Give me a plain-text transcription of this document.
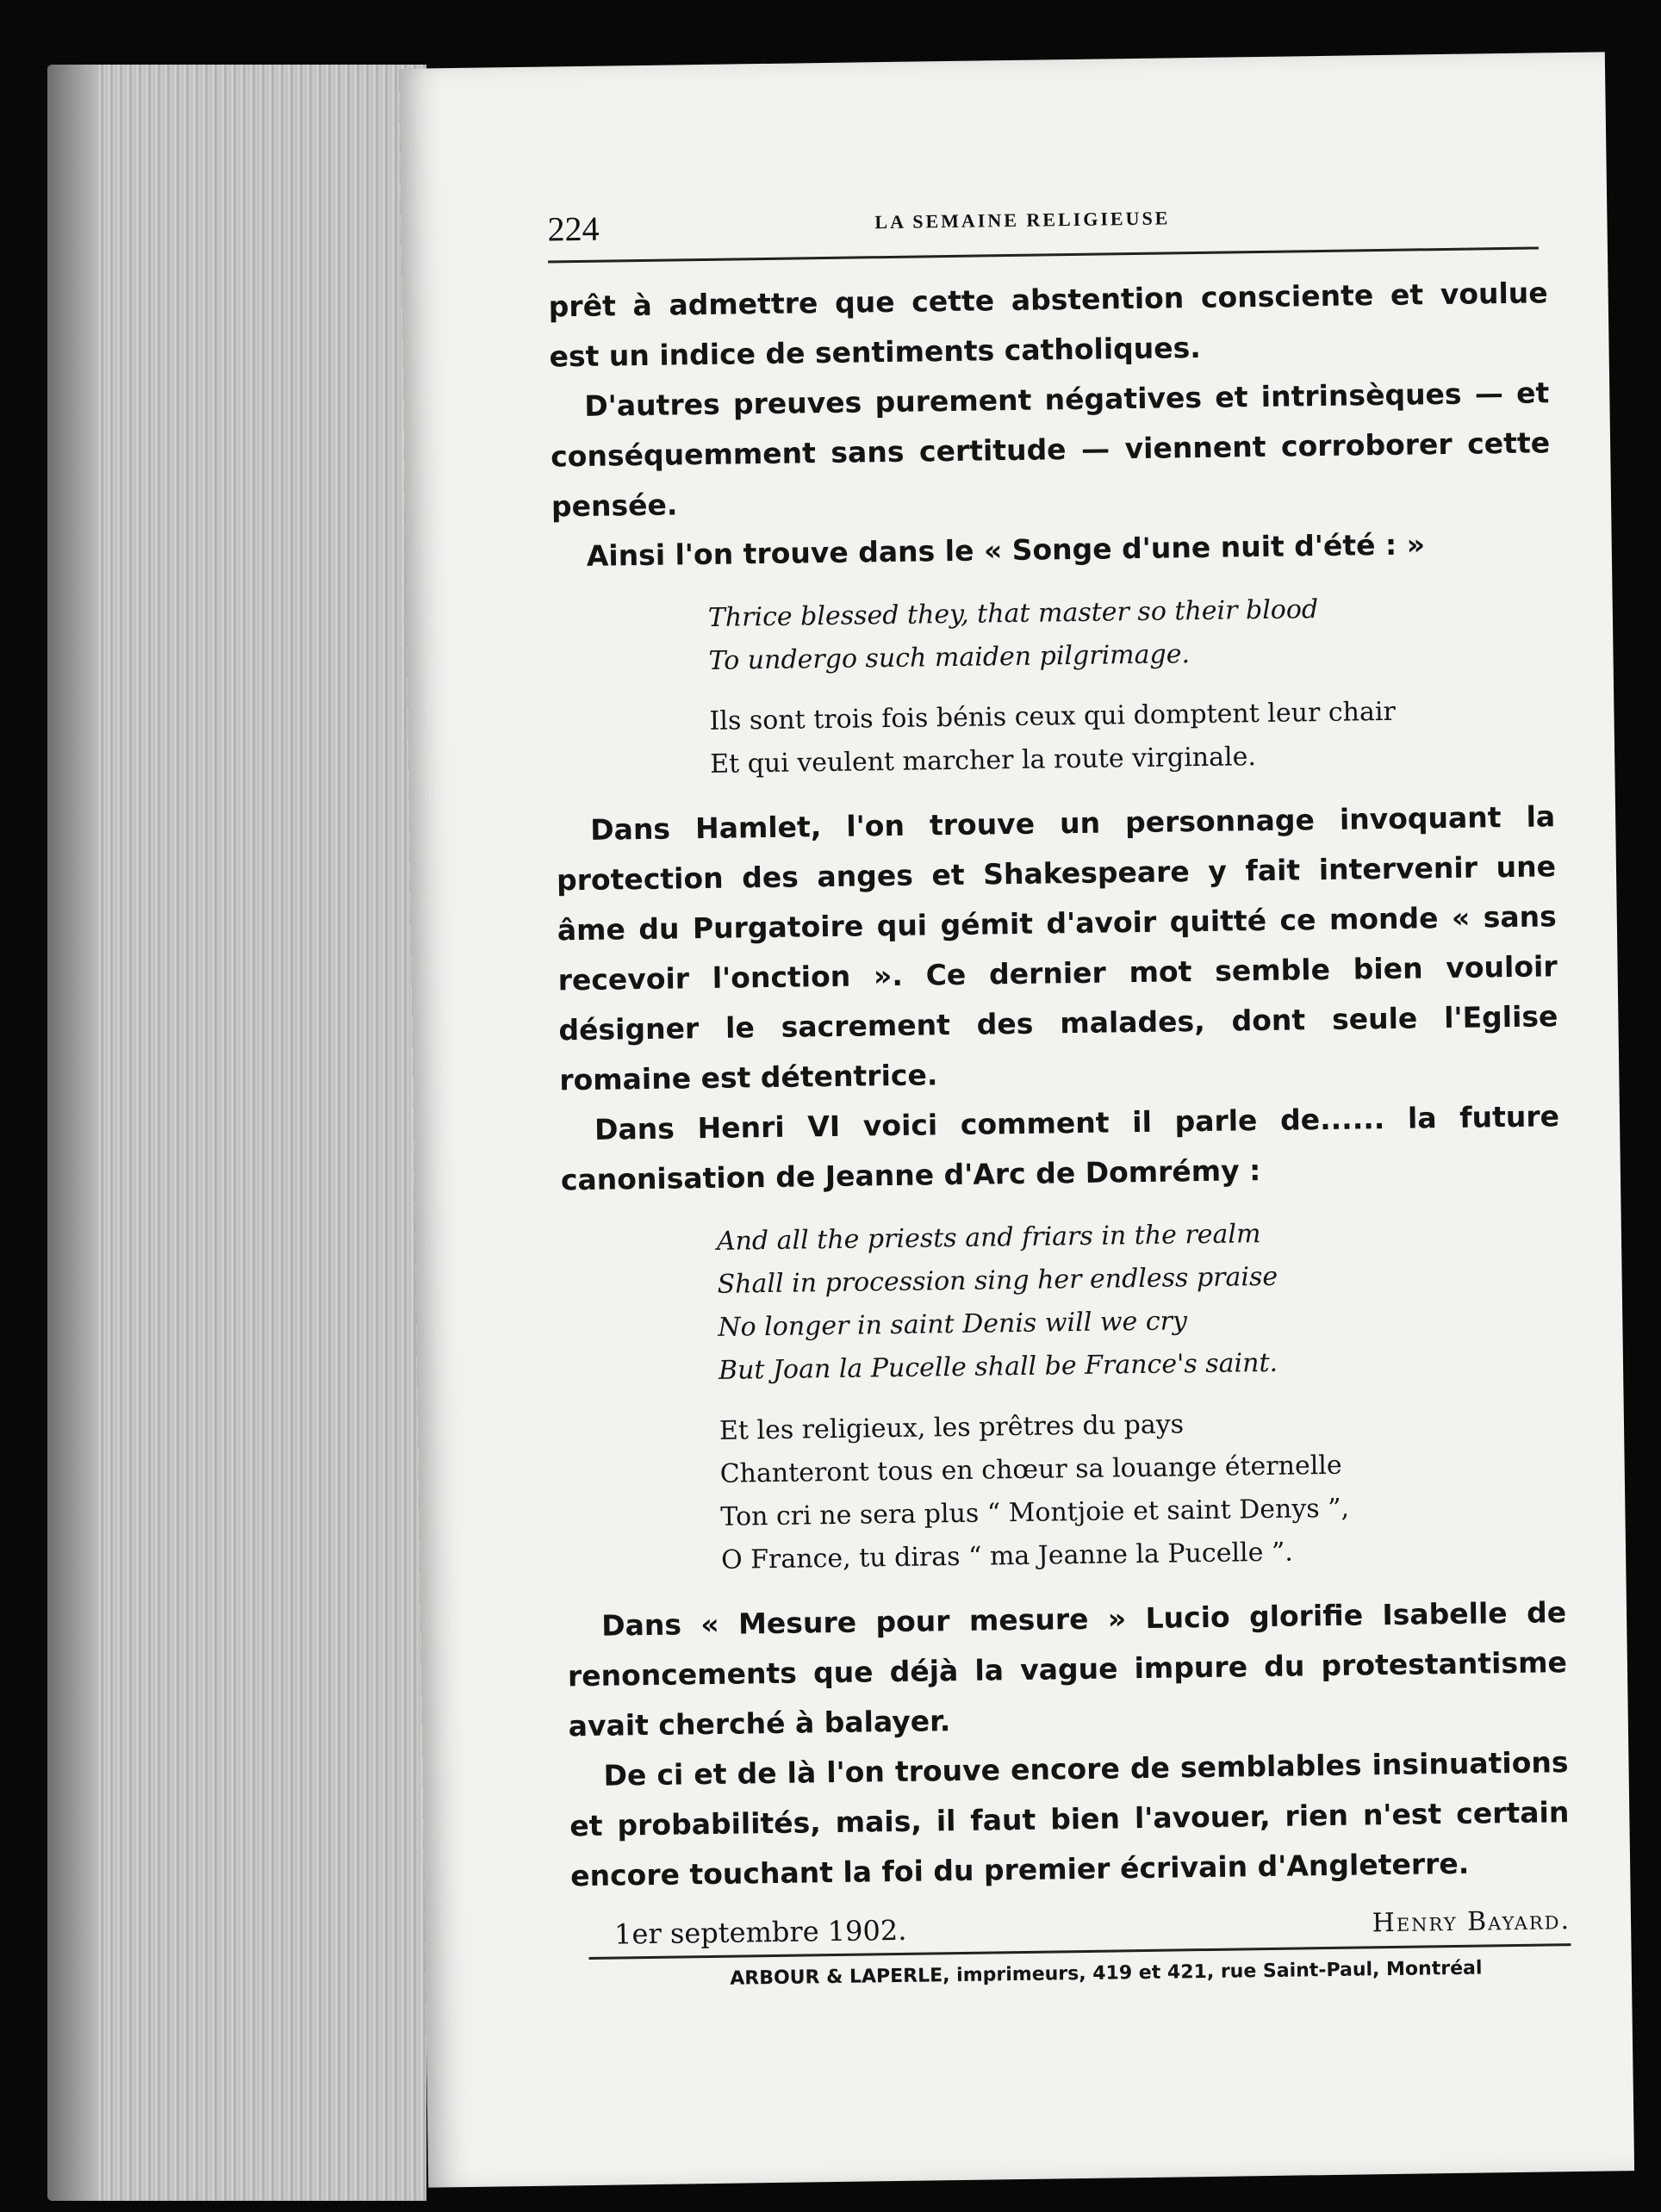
224	LA SEMAINE RELIGIEUSE

prêt à admettre que cette abstention consciente et voulue est un indice de sentiments catholiques.

D'autres preuves purement négatives et intrinsèques — et conséquemment sans certitude — viennent corroborer cette pensée.

Ainsi l'on trouve dans le « Songe d'une nuit d'été : »

Thrice blessed they, that master so their blood
To undergo such maiden pilgrimage.
Ils sont trois fois bénis ceux qui domptent leur chair
Et qui veulent marcher la route virginale.

Dans Hamlet, l'on trouve un personnage invoquant la protection des anges et Shakespeare y fait intervenir une âme du Purgatoire qui gémit d'avoir quitté ce monde « sans recevoir l'onction ». Ce dernier mot semble bien vouloir désigner le sacrement des malades, dont seule l'Eglise romaine est détentrice.

Dans Henri VI voici comment il parle de...... la future canonisation de Jeanne d'Arc de Domrémy :

And all the priests and friars in the realm
Shall in procession sing her endless praise
No longer in saint Denis will we cry
But Joan la Pucelle shall be France's saint.
Et les religieux, les prêtres du pays
Chanteront tous en chœur sa louange éternelle
Ton cri ne sera plus “ Montjoie et saint Denys ”,
O France, tu diras “ ma Jeanne la Pucelle ”.

Dans « Mesure pour mesure » Lucio glorifie Isabelle de renoncements que déjà la vague impure du protestantisme avait cherché à balayer.

De ci et de là l'on trouve encore de semblables insinuations et probabilités, mais, il faut bien l'avouer, rien n'est certain encore touchant la foi du premier écrivain d'Angleterre.

1er septembre 1902.	Henry Bayard.
ARBOUR & LAPERLE, imprimeurs, 419 et 421, rue Saint-Paul, Montréal
